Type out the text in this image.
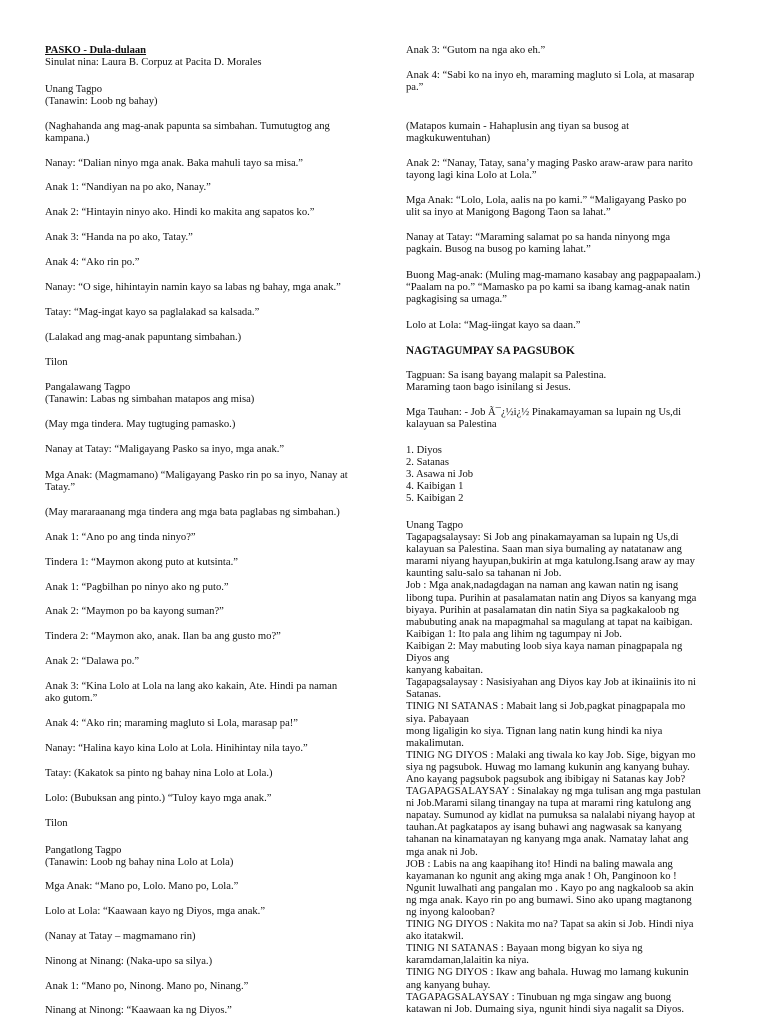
PASKO - Dula-dulaan
Sinulat nina: Laura B. Corpuz at Pacita D. Morales
Unang Tagpo
(Tanawin: Loob ng bahay)
(Naghahanda ang mag-anak papunta sa simbahan. Tumutugtog ang
kampana.)
Nanay: “Dalian ninyo mga anak. Baka mahuli tayo sa misa.”
Anak 1: “Nandiyan na po ako, Nanay.”
Anak 2: “Hintayin ninyo ako. Hindi ko makita ang sapatos ko.”
Anak 3: “Handa na po ako, Tatay.”
Anak 4: “Ako rin po.”
Nanay: “O sige, hihintayin namin kayo sa labas ng bahay, mga anak.”
Tatay: “Mag-ingat kayo sa paglalakad sa kalsada.”
(Lalakad ang mag-anak papuntang simbahan.)
Tilon
Pangalawang Tagpo
(Tanawin: Labas ng simbahan matapos ang misa)
(May mga tindera. May tugtuging pamasko.)
Nanay at Tatay: “Maligayang Pasko sa inyo, mga anak.”
Mga Anak: (Magmamano) “Maligayang Pasko rin po sa inyo, Nanay at
Tatay.”
(May mararaanang mga tindera ang mga bata paglabas ng simbahan.)
Anak 1: “Ano po ang tinda ninyo?”
Tindera 1: “Maymon akong puto at kutsinta.”
Anak 1: “Pagbilhan po ninyo ako ng puto.”
Anak 2: “Maymon po ba kayong suman?”
Tindera 2: “Maymon ako, anak. Ilan ba ang gusto mo?”
Anak 2: “Dalawa po.”
Anak 3: “Kina Lolo at Lola na lang ako kakain, Ate. Hindi pa naman
ako gutom.”
Anak 4: “Ako rin; maraming magluto si Lola, marasap pa!”
Nanay: “Halina kayo kina Lolo at Lola. Hinihintay nila tayo.”
Tatay: (Kakatok sa pinto ng bahay nina Lolo at Lola.)
Lolo: (Bubuksan ang pinto.) “Tuloy kayo mga anak.”
Tilon
Pangatlong Tagpo
(Tanawin: Loob ng bahay nina Lolo at Lola)
Mga Anak: “Mano po, Lolo. Mano po, Lola.”
Lolo at Lola: “Kaawaan kayo ng Diyos, mga anak.”
(Nanay at Tatay – magmamano rin)
Ninong at Ninang: (Naka-upo sa silya.)
Anak 1: “Mano po, Ninong. Mano po, Ninang.”
Ninang at Ninong: “Kaawaan ka ng Diyos.”
Anak 3: “Gutom na nga ako eh.”
Anak 4: “Sabi ko na inyo eh, maraming magluto si Lola, at masarap
pa.”
(Matapos kumain - Hahaplusin ang tiyan sa busog at
magkukuwentuhan)
Anak 2: “Nanay, Tatay, sana’y maging Pasko araw-araw para narito
tayong lagi kina Lolo at Lola.”
Mga Anak: “Lolo, Lola, aalis na po kami.” “Maligayang Pasko po
ulit sa inyo at Manigong Bagong Taon sa lahat.”
Nanay at Tatay: “Maraming salamat po sa handa ninyong mga
pagkain. Busog na busog po kaming lahat.”
Buong Mag-anak: (Muling mag-mamano kasabay ang pagpapaalam.)
“Paalam na po.” “Mamasko pa po kami sa ibang kamag-anak natin
pagkagising sa umaga.”
Lolo at Lola: “Mag-iingat kayo sa daan.”
NAGTAGUMPAY SA PAGSUBOK
Tagpuan: Sa isang bayang malapit sa Palestina.
Maraming taon bago isinilang si Jesus.
Mga Tauhan: - Job Ã¯¿½i¿½ Pinakamayaman sa lupain ng Us,di
kalayuan sa Palestina
1. Diyos
2. Satanas
3. Asawa ni Job
4. Kaibigan 1
5. Kaibigan 2
Unang Tagpo
Tagapagsalaysay: Si Job ang pinakamayaman sa lupain ng Us,di
kalayuan sa Palestina. Saan man siya bumaling ay natatanaw ang
marami niyang hayupan,bukirin at mga katulong.Isang araw ay may
kaunting salu-salo sa tahanan ni Job.
Job : Mga anak,nadagdagan na naman ang kawan natin ng isang
libong tupa. Purihin at pasalamatan natin ang Diyos sa kanyang mga
biyaya. Purihin at pasalamatan din natin Siya sa pagkakaloob ng
mabubuting anak na mapagmahal sa magulang at tapat na kaibigan.
Kaibigan 1: Ito pala ang lihim ng tagumpay ni Job.
Kaibigan 2: May mabuting loob siya kaya naman pinagpapala ng
Diyos ang
kanyang kabaitan.
Tagapagsalaysay : Nasisiyahan ang Diyos kay Job at ikinaiinis ito ni
Satanas.
TINIG NI SATANAS : Mabait lang si Job,pagkat pinagpapala mo
siya. Pabayaan
mong ligaligin ko siya. Tignan lang natin kung hindi ka niya
makalimutan.
TINIG NG DIYOS : Malaki ang tiwala ko kay Job. Sige, bigyan mo
siya ng pagsubok. Huwag mo lamang kukunin ang kanyang buhay.
Ano kayang pagsubok pagsubok ang ibibigay ni Satanas kay Job?
TAGAPAGSALAYSAY : Sinalakay ng mga tulisan ang mga pastulan
ni Job.Marami silang tinangay na tupa at marami ring katulong ang
napatay. Sumunod ay kidlat na pumuksa sa nalalabi niyang hayop at
tauhan.At pagkatapos ay isang buhawi ang nagwasak sa kanyang
tahanan na kinamatayan ng kanyang mga anak. Namatay lahat ang
mga anak ni Job.
JOB : Labis na ang kaapihang ito! Hindi na baling mawala ang
kayamanan ko ngunit ang aking mga anak ! Oh, Panginoon ko !
Ngunit luwalhati ang pangalan mo . Kayo po ang nagkaloob sa akin
ng mga anak. Kayo rin po ang bumawi. Sino ako upang magtanong
ng inyong kalooban?
TINIG NG DIYOS : Nakita mo na? Tapat sa akin si Job. Hindi niya
ako itatakwil.
TINIG NI SATANAS : Bayaan mong bigyan ko siya ng
karamdaman,lalaitin ka niya.
TINIG NG DIYOS : Ikaw ang bahala. Huwag mo lamang kukunin
ang kanyang buhay.
TAGAPAGSALAYSAY : Tinubuan ng mga singaw ang buong
katawan ni Job. Dumaing siya, ngunit hindi siya nagalit sa Diyos.
